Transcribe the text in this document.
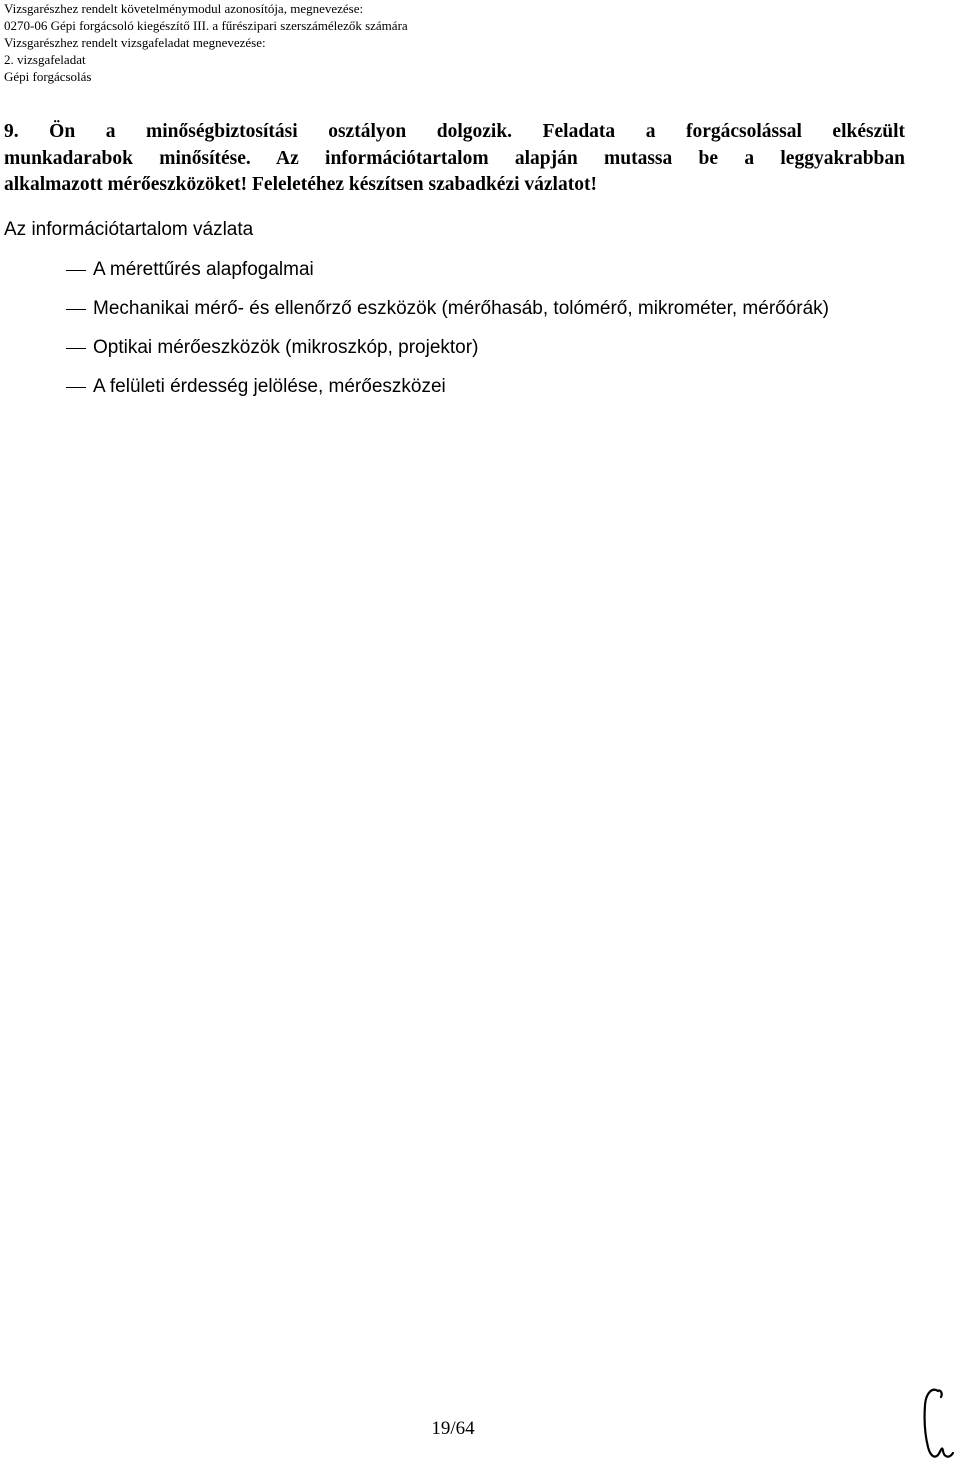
Vizsgarészhez rendelt követelménymodul azonosítója, megnevezése:
0270-06 Gépi forgácsoló kiegészítő III. a fűrészipari szerszámélezők számára
Vizsgarészhez rendelt vizsgafeladat megnevezése:
2. vizsgafeladat
Gépi forgácsolás
9. Ön a minőségbiztosítási osztályon dolgozik. Feladata a forgácsolással elkészült
munkadarabok minősítése. Az információtartalom alapján mutassa be a leggyakrabban
alkalmazott mérőeszközöket! Feleletéhez készítsen szabadkézi vázlatot!
Az információtartalom vázlata
A mérettűrés alapfogalmai
Mechanikai mérő- és ellenőrző eszközök (mérőhasáb, tolómérő, mikrométer, mérőórák)
Optikai mérőeszközök (mikroszkóp, projektor)
A felületi érdesség jelölése, mérőeszközei
19/64
